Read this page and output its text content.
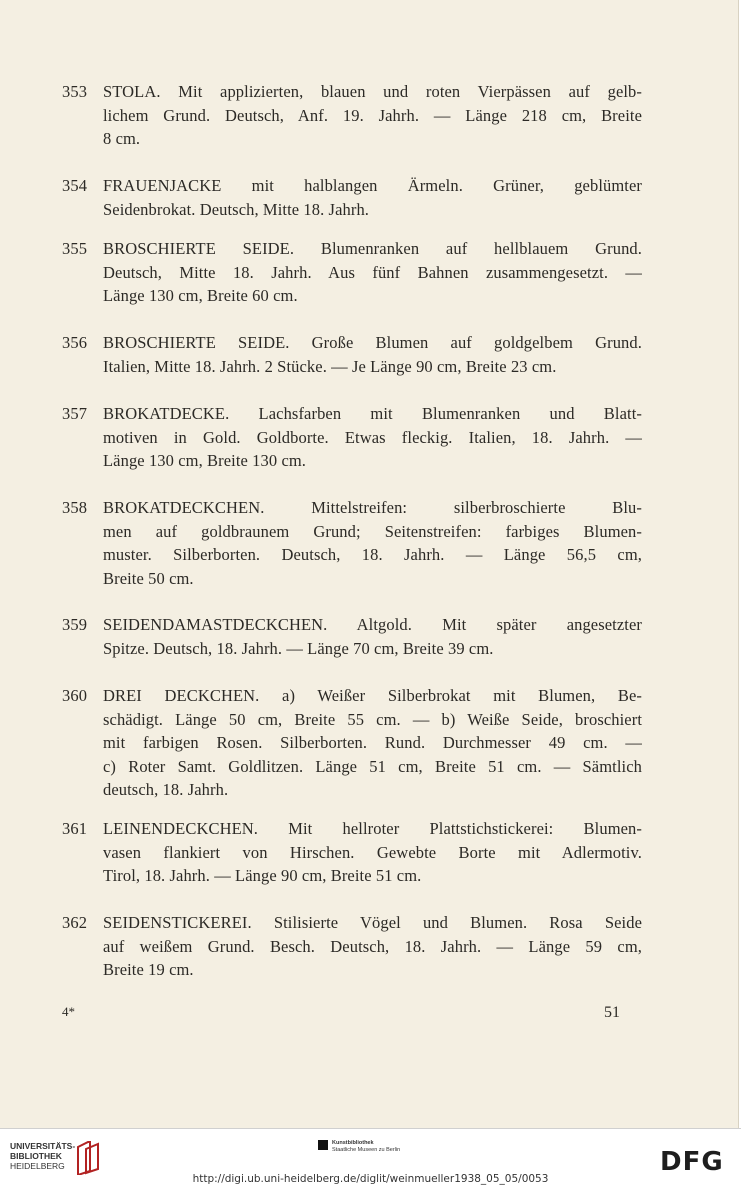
353 STOLA. Mit applizierten, blauen und roten Vierpässen auf gelb-
lichem Grund. Deutsch, Anf. 19. Jahrh. — Länge 218 cm, Breite
8 cm.
354 FRAUENJACKE mit halblangen Ärmeln. Grüner, geblümter
Seidenbrokat. Deutsch, Mitte 18. Jahrh.
355 BROSCHIERTE SEIDE. Blumenranken auf hellblauem Grund.
Deutsch, Mitte 18. Jahrh. Aus fünf Bahnen zusammengesetzt. —
Länge 130 cm, Breite 60 cm.
356 BROSCHIERTE SEIDE. Große Blumen auf goldgelbem Grund.
Italien, Mitte 18. Jahrh. 2 Stücke. — Je Länge 90 cm, Breite 23 cm.
357 BROKATDECKE. Lachsfarben mit Blumenranken und Blatt-
motiven in Gold. Goldborte. Etwas fleckig. Italien, 18. Jahrh. —
Länge 130 cm, Breite 130 cm.
358 BROKATDECKCHEN. Mittelstreifen: silberbroschierte Blu-
men auf goldbraunem Grund; Seitenstreifen: farbiges Blumen-
muster. Silberborten. Deutsch, 18. Jahrh. — Länge 56,5 cm,
Breite 50 cm.
359 SEIDENDAMASTDECKCHEN. Altgold. Mit später angesetzter
Spitze. Deutsch, 18. Jahrh. — Länge 70 cm, Breite 39 cm.
360 DREI DECKCHEN. a) Weißer Silberbrokat mit Blumen, Be-
schädigt. Länge 50 cm, Breite 55 cm. — b) Weiße Seide, broschiert
mit farbigen Rosen. Silberborten. Rund. Durchmesser 49 cm. —
c) Roter Samt. Goldlitzen. Länge 51 cm, Breite 51 cm. — Sämtlich
deutsch, 18. Jahrh.
361 LEINENDECKCHEN. Mit hellroter Plattstichstickerei: Blumen-
vasen flankiert von Hirschen. Gewebte Borte mit Adlermotiv.
Tirol, 18. Jahrh. — Länge 90 cm, Breite 51 cm.
362 SEIDENSTICKEREI. Stilisierte Vögel und Blumen. Rosa Seide
auf weißem Grund. Besch. Deutsch, 18. Jahrh. — Länge 59 cm,
Breite 19 cm.
4*	51
UNIVERSITÄTS-
BIBLIOTHEK
HEIDELBERG
Kunstbibliothek
Staatliche Museen zu Berlin	DFG
http://digi.ub.uni-heidelberg.de/diglit/weinmueller1938_05_05/0053
